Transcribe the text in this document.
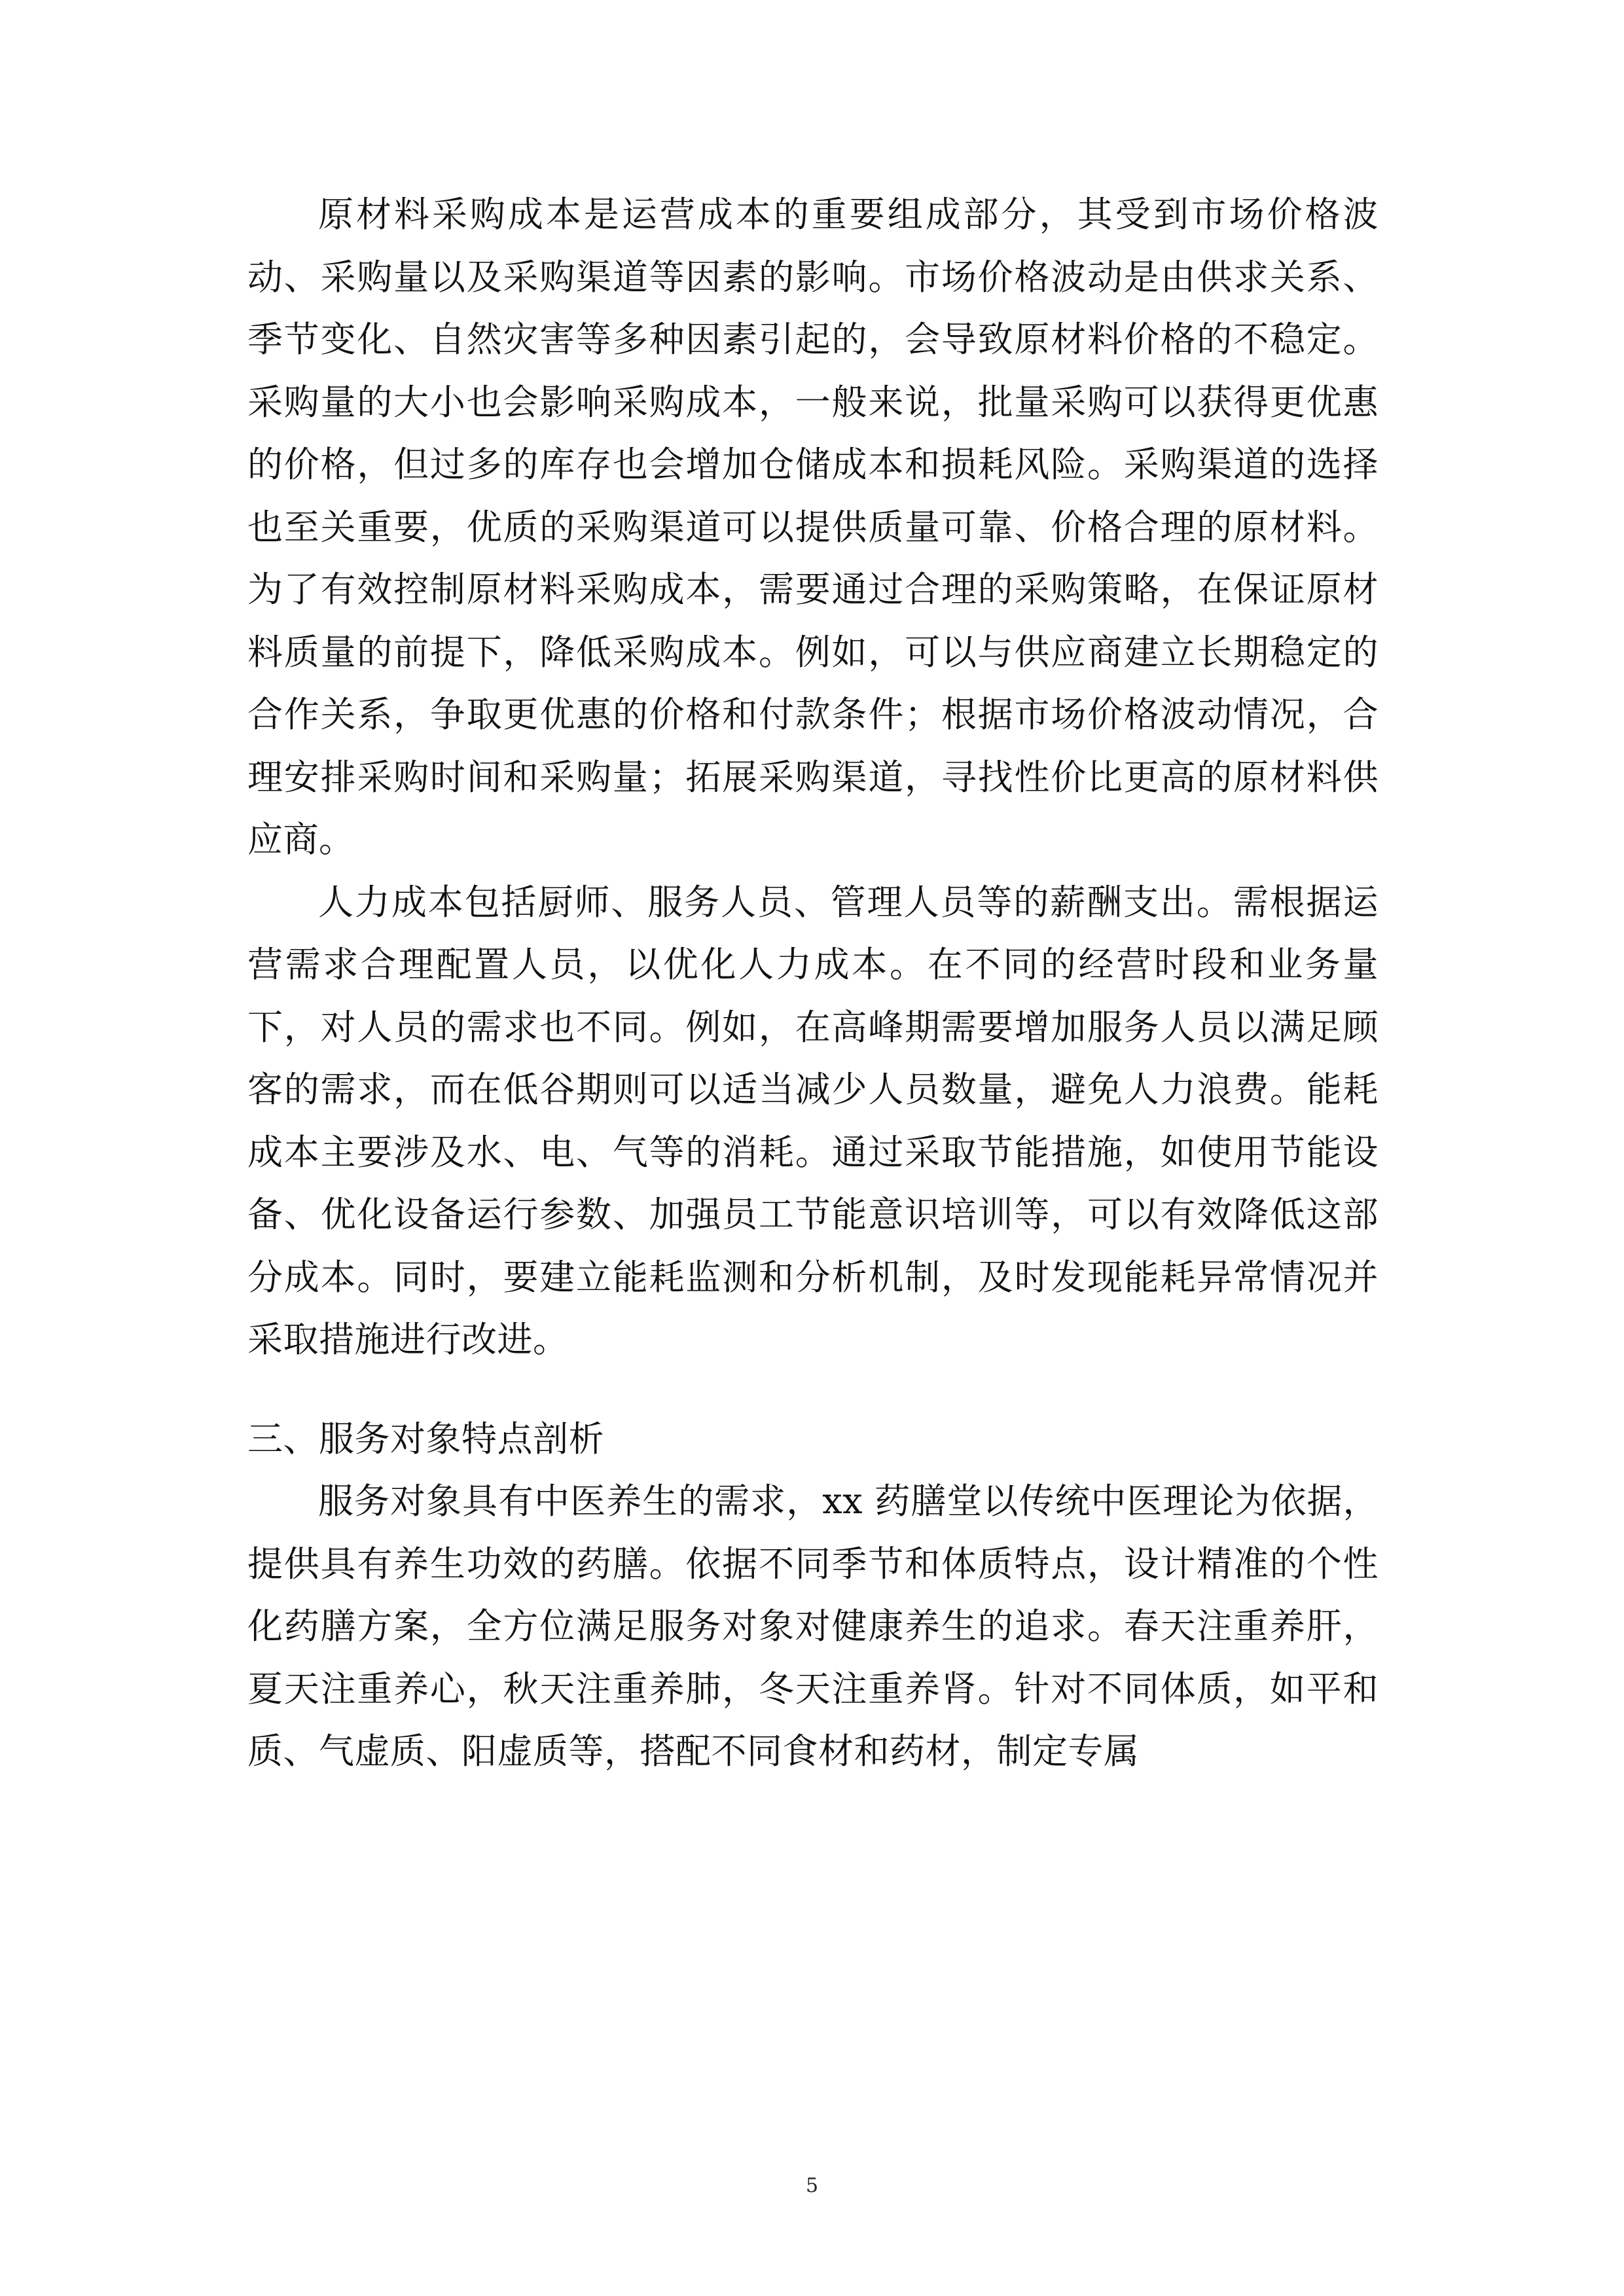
原材料采购成本是运营成本的重要组成部分，其受到市场价格波动、采购量以及采购渠道等因素的影响。市场价格波动是由供求关系、季节变化、自然灾害等多种因素引起的，会导致原材料价格的不稳定。采购量的大小也会影响采购成本，一般来说，批量采购可以获得更优惠的价格，但过多的库存也会增加仓储成本和损耗风险。采购渠道的选择也至关重要，优质的采购渠道可以提供质量可靠、价格合理的原材料。为了有效控制原材料采购成本，需要通过合理的采购策略，在保证原材料质量的前提下，降低采购成本。例如，可以与供应商建立长期稳定的合作关系，争取更优惠的价格和付款条件；根据市场价格波动情况，合理安排采购时间和采购量；拓展采购渠道，寻找性价比更高的原材料供应商。

人力成本包括厨师、服务人员、管理人员等的薪酬支出。需根据运营需求合理配置人员，以优化人力成本。在不同的经营时段和业务量下，对人员的需求也不同。例如，在高峰期需要增加服务人员以满足顾客的需求，而在低谷期则可以适当减少人员数量，避免人力浪费。能耗成本主要涉及水、电、气等的消耗。通过采取节能措施，如使用节能设备、优化设备运行参数、加强员工节能意识培训等，可以有效降低这部分成本。同时，要建立能耗监测和分析机制，及时发现能耗异常情况并采取措施进行改进。

三、服务对象特点剖析

服务对象具有中医养生的需求，xx 药膳堂以传统中医理论为依据，提供具有养生功效的药膳。依据不同季节和体质特点，设计精准的个性化药膳方案，全方位满足服务对象对健康养生的追求。春天注重养肝，夏天注重养心，秋天注重养肺，冬天注重养肾。针对不同体质，如平和质、气虚质、阳虚质等，搭配不同食材和药材，制定专属

5
